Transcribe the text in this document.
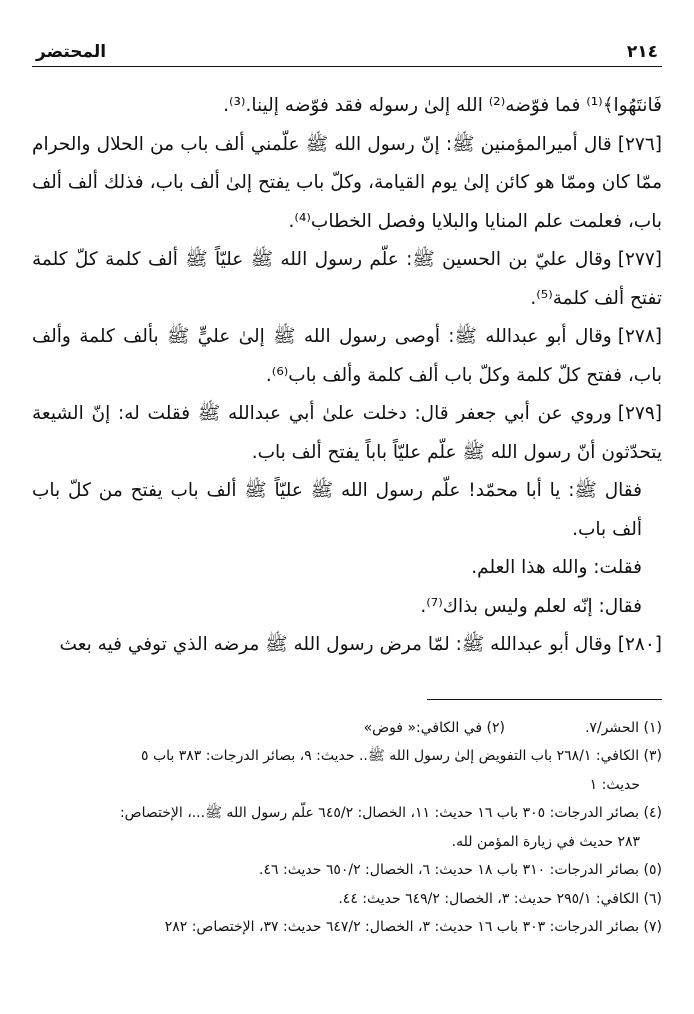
٢١٤
المحتضر

فَانتَهُوا﴾⁽¹⁾ فما فوّضه⁽²⁾ الله إلىٰ رسوله فقد فوّضه إلينا.⁽³⁾.

[٢٧٦]قال أميرالمؤمنين ﷺ: إنّ رسول الله ﷺ علّمني ألف باب من الحلال والحرام ممّا كان وممّا هو كائن إلىٰ يوم القيامة، وكلّ باب يفتح إلىٰ ألف باب، فذلك ألف ألف باب، فعلمت علم المنايا والبلايا وفصل الخطاب⁽⁴⁾.

[٢٧٧]وقال عليّ بن الحسين ﷺ: علّم رسول الله ﷺ عليّاً ﷺ ألف كلمة كلّ كلمة تفتح ألف كلمة⁽⁵⁾.

[٢٧٨]وقال أبو عبدالله ﷺ: أوصى رسول الله ﷺ إلىٰ عليٍّ ﷺ بألف كلمة وألف باب، ففتح كلّ كلمة وكلّ باب ألف كلمة وألف باب⁽⁶⁾.

[٢٧٩]وروي عن أبي جعفر قال: دخلت علىٰ أبي عبدالله ﷺ فقلت له: إنّ الشيعة يتحدّثون أنّ رسول الله ﷺ علّم عليّاً باباً يفتح ألف باب.

فقال ﷺ: يا أبا محمّد! علّم رسول الله ﷺ عليّاً ﷺ ألف باب يفتح من كلّ باب ألف باب.

فقلت: والله هذا العلم.

فقال: إنّه لعلم وليس بذاك⁽⁷⁾.

[٢٨٠]وقال أبو عبدالله ﷺ: لمّا مرض رسول الله ﷺ مرضه الذي توفي فيه بعث

(١) الحشر/٧.
(٢) في الكافي:« فوض»

(٣) الكافي: ٢٦٨/١ باب التفويض إلىٰ رسول الله ﷺ.. حديث: ٩، بصائر الدرجات: ٣٨٣ باب ٥

حديث: ١

(٤) بصائر الدرجات: ٣٠٥ باب ١٦ حديث: ١١، الخصال: ٦٤٥/٢ علّم رسول الله ﷺ...، الإختصاص:

٢٨٣ حديث في زيارة المؤمن لله.

(٥) بصائر الدرجات: ٣١٠ باب ١٨ حديث: ٦، الخصال: ٦٥٠/٢ حديث: ٤٦.

(٦) الكافي: ٢٩٥/١ حديث: ٣، الخصال: ٦٤٩/٢ حديث: ٤٤.

(٧) بصائر الدرجات: ٣٠٣ باب ١٦ حديث: ٣، الخصال: ٦٤٧/٢ حديث: ٣٧، الإختصاص: ٢٨٢
